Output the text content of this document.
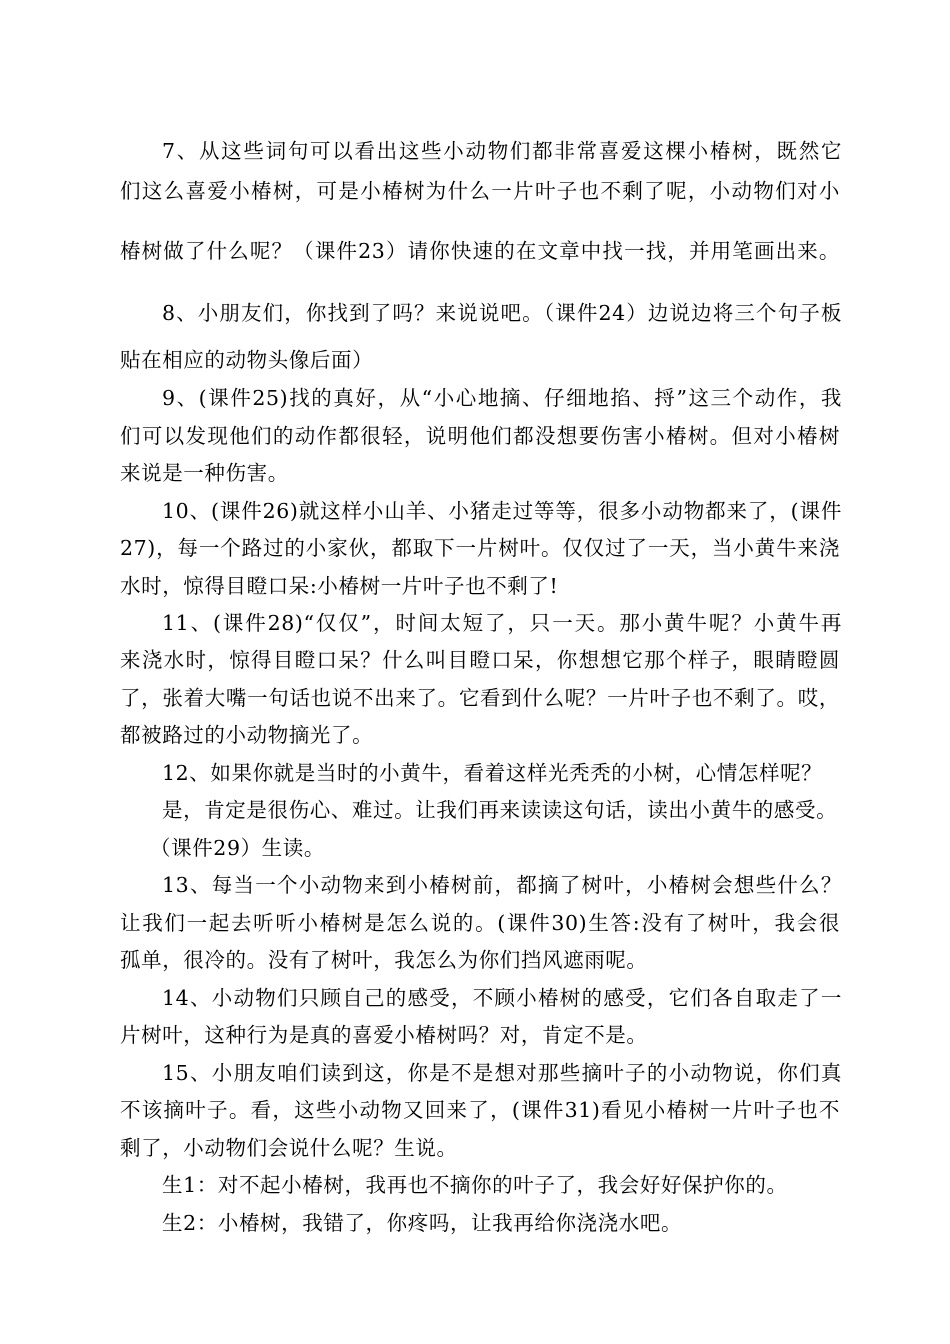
7、从这些词句可以看出这些小动物们都非常喜爱这棵小椿树，既然它

们这么喜爱小椿树，可是小椿树为什么一片叶子也不剩了呢，小动物们对小

椿树做了什么呢？（课件23）请你快速的在文章中找一找，并用笔画出来。

8、小朋友们，你找到了吗？来说说吧。（课件24）边说边将三个句子板

贴在相应的动物头像后面）

9、(课件25)找的真好，从“小心地摘、仔细地掐、捋”这三个动作，我

们可以发现他们的动作都很轻，说明他们都没想要伤害小椿树。但对小椿树

来说是一种伤害。

10、(课件26)就这样小山羊、小猪走过等等，很多小动物都来了，(课件

27)，每一个路过的小家伙，都取下一片树叶。仅仅过了一天，当小黄牛来浇

水时，惊得目瞪口呆:小椿树一片叶子也不剩了!

11、(课件28)“仅仅”，时间太短了，只一天。那小黄牛呢？小黄牛再

来浇水时，惊得目瞪口呆？什么叫目瞪口呆，你想想它那个样子，眼睛瞪圆

了，张着大嘴一句话也说不出来了。它看到什么呢？一片叶子也不剩了。哎，

都被路过的小动物摘光了。

12、如果你就是当时的小黄牛，看着这样光秃秃的小树，心情怎样呢？

是，肯定是很伤心、难过。让我们再来读读这句话，读出小黄牛的感受。

（课件29）生读。

13、每当一个小动物来到小椿树前，都摘了树叶，小椿树会想些什么？

让我们一起去听听小椿树是怎么说的。(课件30)生答:没有了树叶，我会很

孤单，很冷的。没有了树叶，我怎么为你们挡风遮雨呢。

14、小动物们只顾自己的感受，不顾小椿树的感受，它们各自取走了一

片树叶，这种行为是真的喜爱小椿树吗？对，肯定不是。

15、小朋友咱们读到这，你是不是想对那些摘叶子的小动物说，你们真

不该摘叶子。看，这些小动物又回来了，(课件31)看见小椿树一片叶子也不

剩了，小动物们会说什么呢？生说。

生1：对不起小椿树，我再也不摘你的叶子了，我会好好保护你的。

生2：小椿树，我错了，你疼吗，让我再给你浇浇水吧。
